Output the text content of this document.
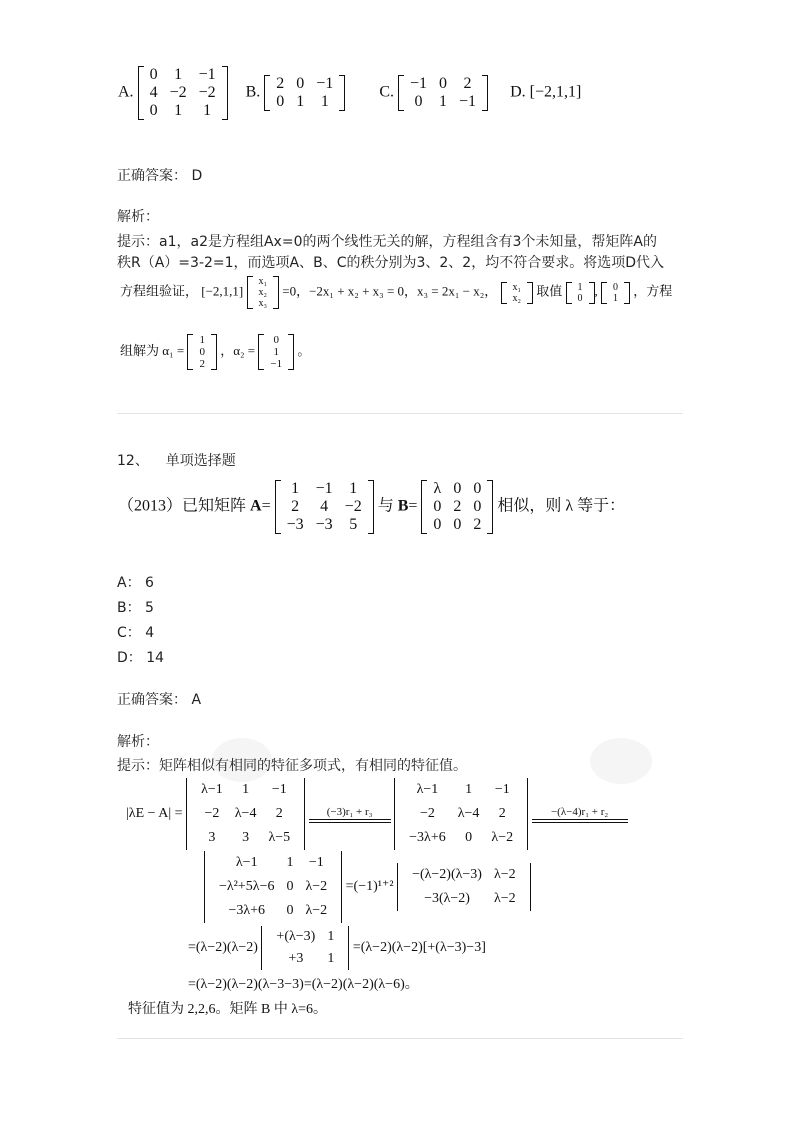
A.
0	1	−1
4	−2	−2
0	1	1
B.
2	0	−1
0	1	1
C.
−1	0	2
0	1	−1
D. [−2,1,1]
正确答案： D
解析：
提示：a1，a2是方程组Ax=0的两个线性无关的解，方程组含有3个未知量，帮矩阵A的
秩R（A）=3-2=1，而选项A、B、C的秩分别为3、2、2，均不符合要求。将选项D代入
方程组验证， [−2,1,1]
x₁
x₂
x₃
=0，−2x₁ + x₂ + x₃ = 0，x₃ = 2x₁ − x₂， x₁
x₂ 取值 1
0 , 0
1 ，方程
组解为 α₁ =
1
0
2
，α₂ =
0
1
−1
。
12、 单项选择题
（2013）已知矩阵 A=
1	−1	1
2	4	−2
−3	−3	5
与 B=
λ	0	0
0	2	0
0	0	2
相似，则 λ 等于：
A： 6
B： 5
C： 4
D： 14
正确答案： A
解析：
提示：矩阵相似有相同的特征多项式，有相同的特征值。
|λE − A| =
λ−1	1	−1
−2	λ−4	2
3	3	λ−5
(−3)r₁ + r₃

λ−1	1	−1
−2	λ−4	2
−3λ+6	0	λ−2
−(λ−4)r₁ + r₂
λ−1	1	−1
−λ²+5λ−6	0	λ−2
−3λ+6	0	λ−2
=(−1)¹⁺²
−(λ−2)(λ−3)	λ−2
−3(λ−2)	λ−2
=(λ−2)(λ−2)
+(λ−3)	1
+3	1
=(λ−2)(λ−2)[+(λ−3)−3]
=(λ−2)(λ−2)(λ−3−3)=(λ−2)(λ−2)(λ−6)。
特征值为 2,2,6。矩阵 B 中 λ=6。
